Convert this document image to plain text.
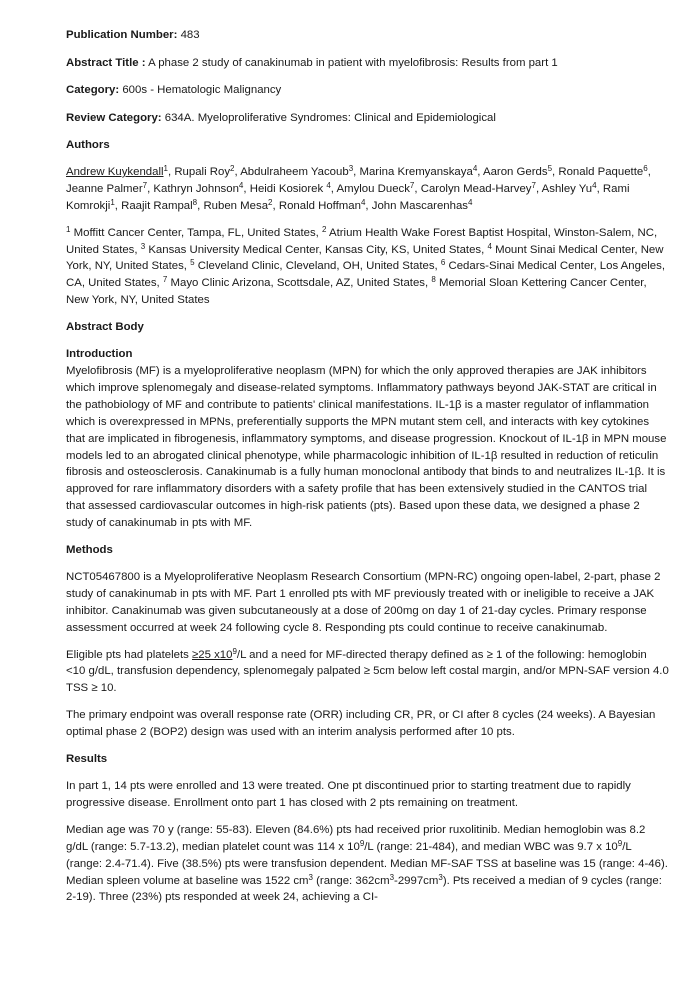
Publication Number: 483
Abstract Title : A phase 2 study of canakinumab in patient with myelofibrosis: Results from part 1
Category: 600s - Hematologic Malignancy
Review Category: 634A. Myeloproliferative Syndromes: Clinical and Epidemiological
Authors
Andrew Kuykendall$^1$, Rupali Roy$^2$, Abdulraheem Yacoub$^3$, Marina Kremyanskaya$^4$, Aaron Gerds$^5$, Ronald Paquette$^6$, Jeanne Palmer$^7$, Kathryn Johnson$^4$, Heidi Kosiorek $^4$, Amylou Dueck$^7$, Carolyn Mead-Harvey$^7$, Ashley Yu$^4$, Rami Komrokji$^1$, Raajit Rampal$^8$, Ruben Mesa$^2$, Ronald Hoffman$^4$, John Mascarenhas$^4$
$^1$ Moffitt Cancer Center, Tampa, FL, United States, $^2$ Atrium Health Wake Forest Baptist Hospital, Winston-Salem, NC, United States, $^3$ Kansas University Medical Center, Kansas City, KS, United States, $^4$ Mount Sinai Medical Center, New York, NY, United States, $^5$ Cleveland Clinic, Cleveland, OH, United States, $^6$ Cedars-Sinai Medical Center, Los Angeles, CA, United States, $^7$ Mayo Clinic Arizona, Scottsdale, AZ, United States, $^8$ Memorial Sloan Kettering Cancer Center, New York, NY, United States
Abstract Body
Introduction

Myelofibrosis (MF) is a myeloproliferative neoplasm (MPN) for which the only approved therapies are JAK inhibitors which improve splenomegaly and disease-related symptoms. Inflammatory pathways beyond JAK-STAT are critical in the pathobiology of MF and contribute to patients' clinical manifestations. IL-1β is a master regulator of inflammation which is overexpressed in MPNs, preferentially supports the MPN mutant stem cell, and interacts with key cytokines that are implicated in fibrogenesis, inflammatory symptoms, and disease progression. Knockout of IL-1β in MPN mouse models led to an abrogated clinical phenotype, while pharmacologic inhibition of IL-1β resulted in reduction of reticulin fibrosis and osteosclerosis. Canakinumab is a fully human monoclonal antibody that binds to and neutralizes IL-1β. It is approved for rare inflammatory disorders with a safety profile that has been extensively studied in the CANTOS trial that assessed cardiovascular outcomes in high-risk patients (pts). Based upon these data, we designed a phase 2 study of canakinumab in pts with MF.

Methods

NCT05467800 is a Myeloproliferative Neoplasm Research Consortium (MPN-RC) ongoing open-label, 2-part, phase 2 study of canakinumab in pts with MF. Part 1 enrolled pts with MF previously treated with or ineligible to receive a JAK inhibitor. Canakinumab was given subcutaneously at a dose of 200mg on day 1 of 21-day cycles. Primary response assessment occurred at week 24 following cycle 8. Responding pts could continue to receive canakinumab.

Eligible pts had platelets ≥25 $x10^9/L$ and a need for MF-directed therapy defined as ≥ 1 of the following: hemoglobin <10 g/dL, transfusion dependency, splenomegaly palpated ≥ 5cm below left costal margin, and/or MPN-SAF version 4.0 TSS ≥ 10.

The primary endpoint was overall response rate (ORR) including CR, PR, or CI after 8 cycles (24 weeks). A Bayesian optimal phase 2 (BOP2) design was used with an interim analysis performed after 10 pts.

Results

In part 1, 14 pts were enrolled and 13 were treated. One pt discontinued prior to starting treatment due to rapidly progressive disease. Enrollment onto part 1 has closed with 2 pts remaining on treatment.

Median age was 70 y (range: 55-83). Eleven (84.6%) pts had received prior ruxolitinib. Median hemoglobin was 8.2 g/dL (range: 5.7-13.2), median platelet count was 114 x $10^9/L$ (range: 21-484), and median WBC was 9.7 x $10^9/L$ (range: 2.4-71.4). Five (38.5%) pts were transfusion dependent. Median MF-SAF TSS at baseline was 15 (range: 4-46). Median spleen volume at baseline was 1522 $cm^3$ (range: $362cm^3-2997cm^3$). Pts received a median of 9 cycles (range: 2-19). Three (23%) pts responded at week 24, achieving a CI-
